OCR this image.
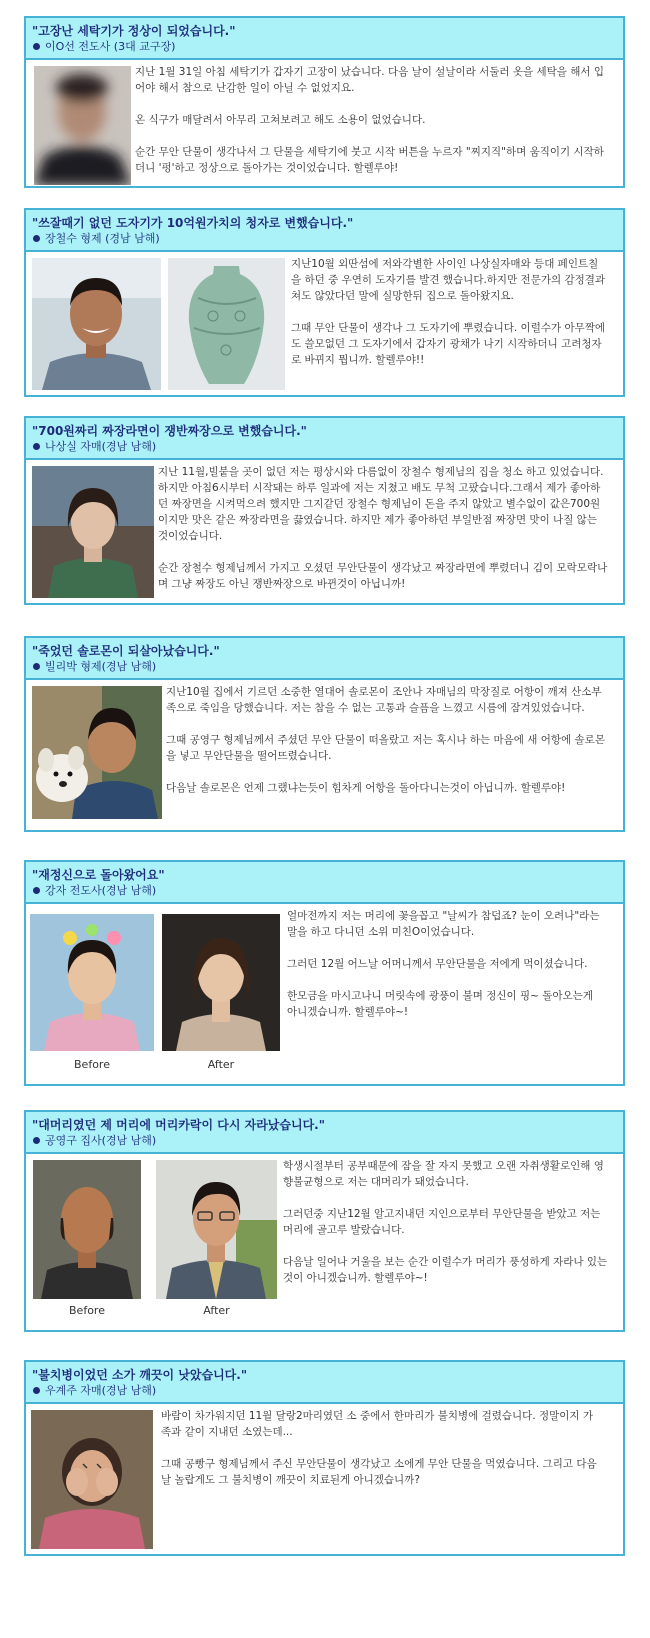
"고장난 세탁기가 정상이 되었습니다."
이O선 전도사 (3대 교구장)

지난 1월 31일 아침 세탁기가 갑자기 고장이 났습니다. 다음 날이 설날이라 서둘러 옷을 세탁을 해서 입어야 해서 참으로 난감한 일이 아닐 수 없었지요.

온 식구가 매달려서 아무리 고쳐보려고 해도 소용이 없었습니다.

순간 무안 단물이 생각나서 그 단물을 세탁기에 붓고 시작 버튼을 누르자 "찌지직"하며 움직이기 시작하더니 '펑'하고 정상으로 돌아가는 것이었습니다. 할렐루야!

"쓰잘때기 없던 도자기가 10억원가치의 청자로 변했습니다."
장철수 형제 (경남 남해)

지난10월 외딴섬에 저와각별한 사이인 나상실자매와 등대 페인트칠을 하던 중 우연히 도자기를 발견 했습니다.하지만 전문가의 감정결과 쳐도 않았다던 말에 실망한뒤 집으로 돌아왔지요.

그때 무안 단물이 생각나 그 도자기에 뿌렸습니다. 이럴수가 아무짝에도 쓸모없던 그 도자기에서 갑자기 광채가 나기 시작하더니 고려청자로 바뀌지 뭡니까. 할렐루야!!

"700원짜리 짜장라면이 쟁반짜장으로 변했습니다."
나상실 자매(경남 남해)

지난 11월,빌붙을 곳이 없던 저는 평상시와 다름없이 장철수 형제님의 집을 청소 하고 있었습니다.하지만 아침6시부터 시작돼는 하루 일과에 저는 지쳤고 배도 무척 고팠습니다.그래서 제가 좋아하던 짜장면을 시켜먹으려 했지만 그지같던 장철수 형제님이 돈을 주지 않았고 별수없이 값은700원이지만 맛은 같은 짜장라면을 끓였습니다. 하지만 제가 좋아하던 부일반점 짜장면 맛이 나질 않는 것이었습니다.

순간 장철수 형제님께서 가지고 오셨던 무안단물이 생각났고 짜장라면에 뿌렸더니 김이 모락모락나며 그냥 짜장도 아닌 쟁반짜장으로 바뀐것이 아닙니까!

"죽었던 솔로몬이 되살아났습니다."
빌리박 형제(경남 남해)

지난10월 집에서 기르던 소중한 열대어 솔로몬이 조안나 자매님의 막장질로 어항이 깨져 산소부족으로 죽임을 당했습니다. 저는 참을 수 없는 고통과 슬픔을 느꼈고 시름에 잠겨있었습니다.

그때 공영구 형제님께서 주셨던 무안 단물이 떠올랐고 저는 혹시나 하는 마음에 새 어항에 솔로몬을 넣고 무안단물을 떨어뜨렸습니다.

다음날 솔로몬은 언제 그랬냐는듯이 힘차게 어항을 돌아다니는것이 아닙니까. 할렐루야!

"재정신으로 돌아왔어요"
강자 전도사(경남 남해)
Before	After

얼마전까지 저는 머리에 꽃을꼽고 "날씨가 참덥죠? 눈이 오려나"라는 말을 하고 다니던 소위 미친O이었습니다.

그러던 12월 어느날 어머니께서 무안단물을 저에게 먹이셨습니다.

한모금을 마시고나니 머릿속에 광풍이 불며 정신이 핑~ 돌아오는게 아니겠습니까. 할렐루야~!

"대머리였던 제 머리에 머리카락이 다시 자라났습니다."
공영구 집사(경남 남해)
Before	After

학생시절부터 공부때문에 잠을 잘 자지 못했고 오랜 자취생활로인해 영향불균형으로 저는 대머리가 돼었습니다.

그러던중 지난12월 알고지내던 지인으로부터 무안단물을 받았고 저는 머리에 골고루 발랐습니다.

다음날 일어나 거울을 보는 순간 이럴수가 머리가 풍성하게 자라나 있는것이 아니겠습니까. 할렐루야~!

"불치병이었던 소가 깨끗이 낫았습니다."
우계주 자매(경남 남해)

바람이 차가워지던 11월 달랑2마리였던 소 중에서 한마리가 불치병에 걸렸습니다. 정말이지 가족과 같이 지내던 소였는데...

그때 공빵구 형제님께서 주신 무안단물이 생각났고 소에게 무안 단물을 먹였습니다. 그리고 다음날 놀랍게도 그 불치병이 깨끗이 치료된게 아니겠습니까?
